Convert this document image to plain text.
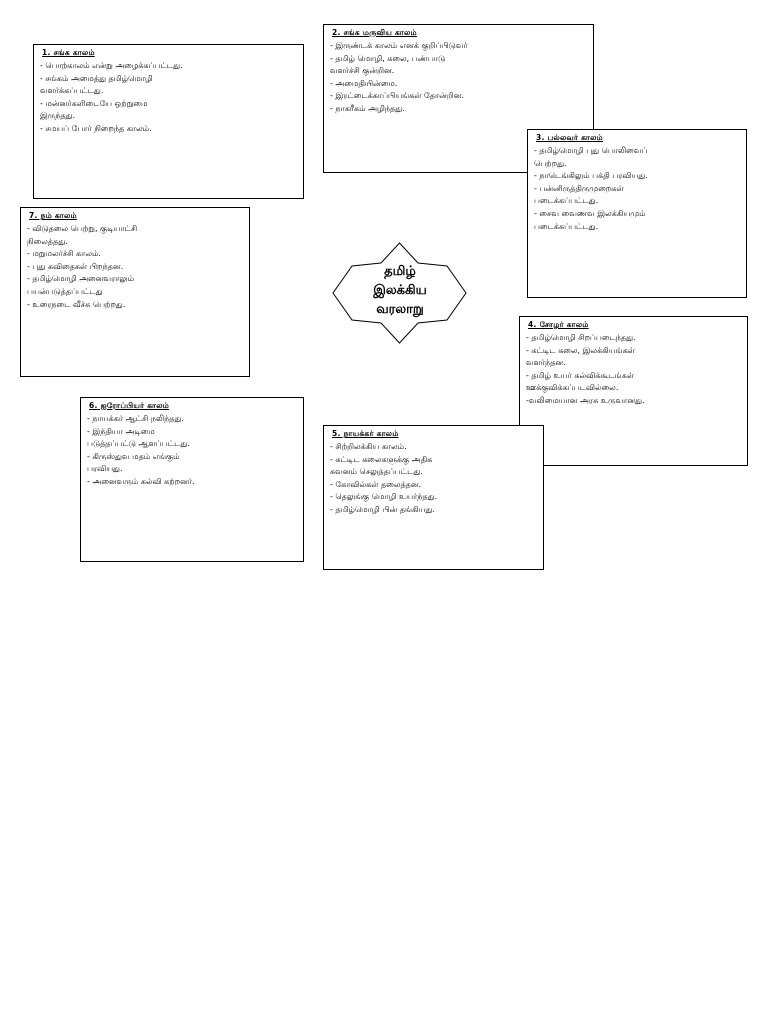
தமிழ்
இலக்கிய
வரலாறு
1. சங்க காலம்
- பொற்காலம் என்று அழைக்கப்பட்டது.
- சங்கம் அமைத்து தமிழ்மொழி
வளர்க்கப்பட்டது.
- மன்னர்களிடையே ஒற்றுமை
இருந்தது.
- சமயப் போர் நிறைந்த காலம்.
2. சங்க மருவிய காலம்
- இருண்டக் காலம் எனக் குறிப்பிடுவர்
- தமிழ் மொழி, கலை, பண்பாடு
வளர்ச்சி குன்றின.
- அமைதியின்மை.
- இரட்டைக்காப்பியங்கள் தோன்றின.
- நாகரீகம் அழிந்தது.
3. பல்லவர் காலம்
- தமிழ்மொழி புது பொலிவைப்
பெற்றது.
- நாடெங்கிலும் பக்தி பரவியது.
- பன்னிருத்திருமுறைகள்
படைக்கப்பட்டது.
- சைவ வைணவ இலக்கியமும்
படைக்கப்பட்டது.
4. சோழர் காலம்
- தமிழ்மொழி சிறப்படைந்தது.
- கட்டிட கலை, இலக்கியங்கள்
வளர்ந்தன.
- தமிழ் உயர் கல்விக்கூடங்கள்
ஊக்குவிக்கப்படவில்லை.
-வலிமையான அரசு உருவானது.
5. நாயக்கர் காலம்
- சிற்றிலக்கிய காலம்.
- கட்டிட கலைகளுக்கு அதிக
கவனம் செலுத்தப்பட்டது.
- கோவில்கள் தலைத்தன.
- தெலுங்கு மொழி உயர்ந்தது.
- தமிழ்மொழி பின் தங்கியது.
6. ஐரோப்பியர் காலம்
- நாயக்கர் ஆட்சி நலிந்தது.
- இந்தியா அடிமை
படுத்தப்பட்டு ஆளப்பட்டது.
- கிருஸ்துவ மதம் எங்கும்
பரவியது.
- அனைவரும் கல்வி கற்றனர்.
7. நம் காலம்
- விடுதலை பெற்று, குடியாட்சி
நிலைத்தது.
- மறுமலர்ச்சி காலம்.
- புது கவிதைகள் பிறந்தன.
- தமிழ்மொழி அனைவராலும்
பயன்படுத்தப்பட்டது
- உரைநடை வீச்சு பெற்றது.
